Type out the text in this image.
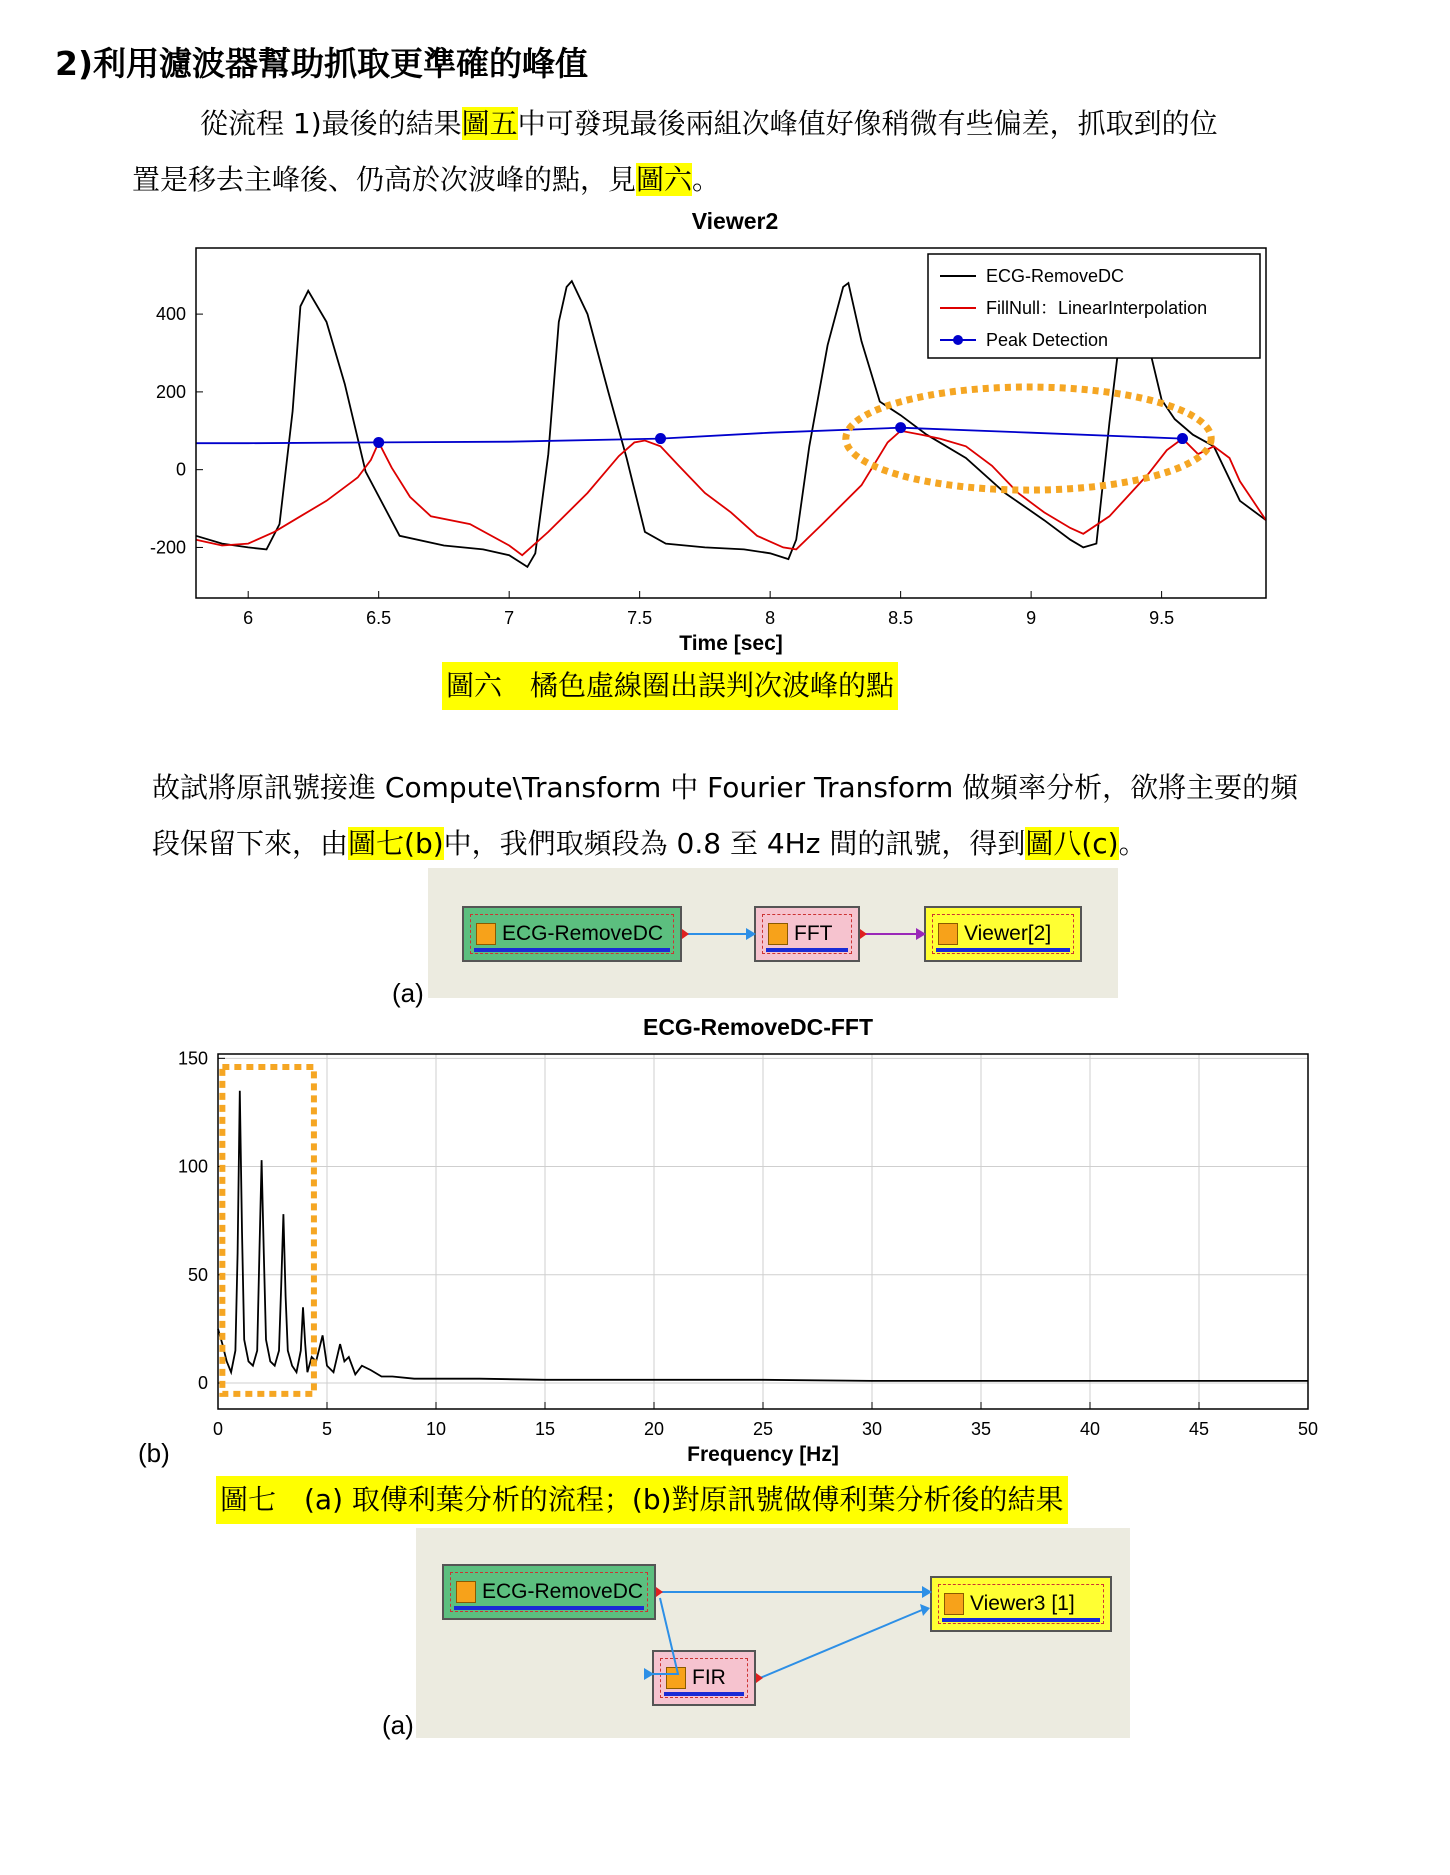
2)利用濾波器幫助抓取更準確的峰值
從流程 1)最後的結果圖五中可發現最後兩組次峰值好像稍微有些偏差，抓取到的位
置是移去主峰後、仍高於次波峰的點，見圖六。
Viewer2
6	6.5	7	7.5	8	8.5	9	9.5
-200
0
200
400
Time [sec]
ECG-RemoveDC
FillNull：LinearInterpolation
Peak Detection
圖六　橘色虛線圈出誤判次波峰的點
故試將原訊號接進 Compute\Transform 中 Fourier Transform 做頻率分析，欲將主要的頻
段保留下來，由圖七(b)中，我們取頻段為 0.8 至 4Hz 間的訊號，得到圖八(c)。
ECG-RemoveDC	FFT	Viewer[2]
(a)
ECG-RemoveDC-FFT
0	5	10	15	20	25	30	35	40	45	50
0
50
100
150
Frequency [Hz]
(b)
圖七　(a) 取傅利葉分析的流程；(b)對原訊號做傅利葉分析後的結果
ECG-RemoveDC
FIR
Viewer3 [1]
(a)
